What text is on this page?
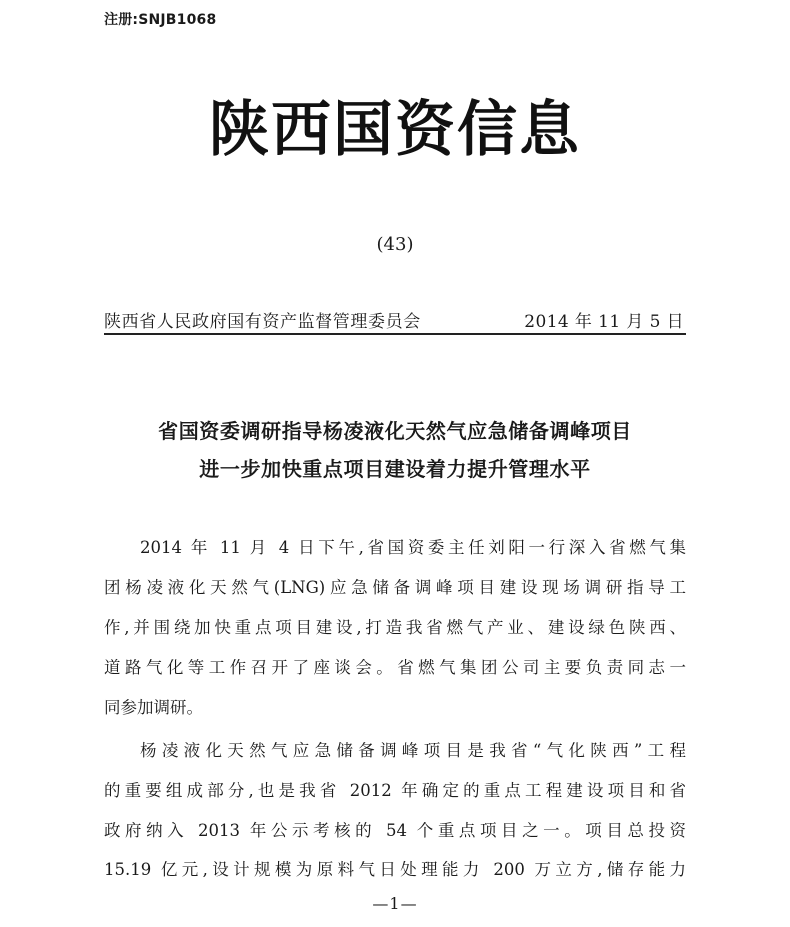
注册:SNJB1068
陕西国资信息
(43)
陕西省人民政府国有资产监督管理委员会	2014 年 11 月 5 日
省国资委调研指导杨凌液化天然气应急储备调峰项目
进一步加快重点项目建设着力提升管理水平
2014 年 11 月 4 日下午,省国资委主任刘阳一行深入省燃气集
团杨凌液化天然气(LNG)应急储备调峰项目建设现场调研指导工
作,并围绕加快重点项目建设,打造我省燃气产业、建设绿色陕西、
道路气化等工作召开了座谈会。省燃气集团公司主要负责同志一
同参加调研。
杨凌液化天然气应急储备调峰项目是我省“气化陕西”工程
的重要组成部分,也是我省 2012 年确定的重点工程建设项目和省
政府纳入 2013 年公示考核的 54 个重点项目之一。项目总投资
15.19 亿元,设计规模为原料气日处理能力 200 万立方,储存能力
—1—
